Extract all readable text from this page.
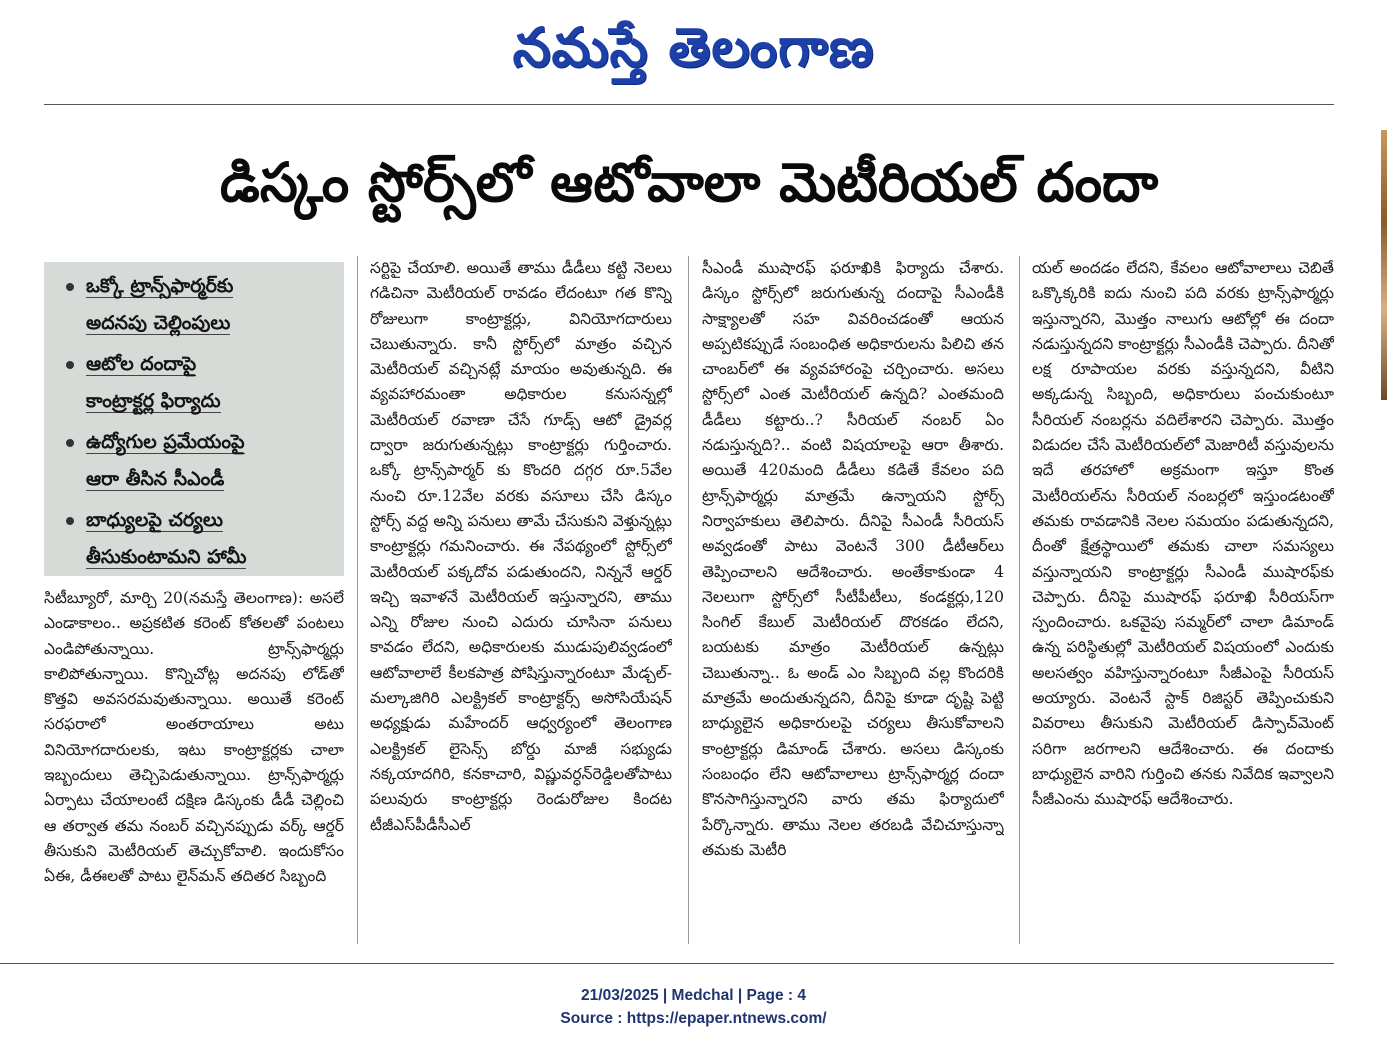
నమస్తే తెలంగాణ
డిస్కం స్టోర్స్‌లో ఆటోవాలా మెటీరియల్‌ దందా
ఒక్కో ట్రాన్స్‌ఫార్మర్‌కు
అదనపు చెల్లింపులు
ఆటోల దందాపై
కాంట్రాక్టర్ల ఫిర్యాదు
ఉద్యోగుల ప్రమేయంపై
ఆరా తీసిన సీఎండీ
బాధ్యులపై చర్యలు
తీసుకుంటామని హామీ

సిటీబ్యూరో, మార్చి 20(నమస్తే తెలంగాణ): అసలే ఎండాకాలం.. అప్రకటిత కరెంట్‌ కోతలతో పంటలు ఎండిపోతున్నాయి. ట్రాన్స్‌ఫార్మర్లు కాలిపోతున్నాయి. కొన్నిచోట్ల అదనపు లోడ్‌తో కొత్తవి అవసరమవుతున్నాయి. అయితే కరెంట్‌ సరఫరాలో అంతరాయాలు అటు వినియోగదారులకు, ఇటు కాంట్రాక్టర్లకు చాలా ఇబ్బందులు తెచ్చిపెడుతున్నాయి. ట్రాన్స్‌ఫార్మర్లు ఏర్పాటు చేయాలంటే దక్షిణ డిస్కంకు డీడీ చెల్లించి ఆ తర్వాత తమ నంబర్‌ వచ్చినప్పుడు వర్క్‌ ఆర్డర్‌ తీసుకుని మెటీరియల్‌ తెచ్చుకోవాలి. ఇందుకోసం ఏఈ, డీఈలతో పాటు లైన్‌మన్‌ తదితర సిబ్బంది

సర్టిపై చేయాలి. అయితే తాము డీడీలు కట్టి నెలలు గడిచినా మెటీరియల్‌ రావడం లేదంటూ గత కొన్ని రోజులుగా కాంట్రాక్టర్లు, వినియోగదారులు చెబుతున్నారు. కానీ స్టోర్స్‌లో మాత్రం వచ్చిన మెటీరియల్‌ వచ్చినట్లే మాయం అవుతున్నది. ఈ వ్యవహారమంతా అధికారుల కనుసన్నల్లో మెటీరియల్‌ రవాణా చేసే గూడ్స్‌ ఆటో డ్రైవర్ల ద్వారా జరుగుతున్నట్లు కాంట్రాక్టర్లు గుర్తించారు. ఒక్కో ట్రాన్స్‌పార్మర్‌ కు కొందరి దగ్గర రూ.5వేల నుంచి రూ.12వేల వరకు వసూలు చేసి డిస్కం స్టోర్స్‌ వద్ద అన్ని పనులు తామే చేసుకుని వెళ్తున్నట్లు కాంట్రాక్టర్లు గమనించారు. ఈ నేపథ్యంలో స్టోర్స్‌లో మెటీరియల్‌ పక్కదోవ పడుతుందని, నిన్ననే ఆర్డర్‌ ఇచ్చి ఇవాళనే మెటీరియల్‌ ఇస్తున్నారని, తాము ఎన్ని రోజుల నుంచి ఎదురు చూసినా పనులు కావడం లేదని, అధికారులకు ముడుపులివ్వడంలో ఆటోవాలాలే కీలకపాత్ర పోషిస్తున్నారంటూ మేడ్చల్‌- మల్కాజిగిరి ఎలక్ట్రికల్‌ కాంట్రాక్టర్స్‌ అసోసియేషన్‌ అధ్యక్షుడు మహేందర్‌ ఆధ్వర్యంలో తెలంగాణ ఎలక్ట్రికల్‌ లైసెన్స్‌ బోర్డు మాజీ సభ్యుడు నక్కయాదగిరి, కనకాచారి, విష్ణువర్ధన్‌రెడ్డిలతోపాటు పలువురు కాంట్రాక్టర్లు రెండురోజుల కిందట టీజీఎస్‌పీడీసీఎల్‌

సీఎండీ ముషారఫ్‌ ఫరూఖికి ఫిర్యాదు చేశారు. డిస్కం స్టోర్స్‌లో జరుగుతున్న దందాపై సీఎండీకి సాక్ష్యాలతో సహ వివరించడంతో ఆయన అప్పటికప్పుడే సంబంధిత అధికారులను పిలిచి తన చాంబర్‌లో ఈ వ్యవహారంపై చర్చించారు. అసలు స్టోర్స్‌లో ఎంత మెటీరియల్‌ ఉన్నది? ఎంతమంది డీడీలు కట్టారు..? సీరియల్‌ నంబర్‌ ఏం నడుస్తున్నది?.. వంటి విషయాలపై ఆరా తీశారు. అయితే 420మంది డీడీలు కడితే కేవలం పది ట్రాన్స్‌ఫార్మర్లు మాత్రమే ఉన్నాయని స్టోర్స్‌ నిర్వాహకులు తెలిపారు. దీనిపై సీఎండీ సీరియస్‌ అవ్వడంతో పాటు వెంటనే 300 డీటీఆర్‌లు తెప్పించాలని ఆదేశించారు. అంతేకాకుండా 4 నెలలుగా స్టోర్స్‌లో సీటీపీటీలు, కండక్టర్లు,120 సింగిల్‌ కేబుల్‌ మెటీరియల్‌ దొరకడం లేదని, బయటకు మాత్రం మెటీరియల్‌ ఉన్నట్లు చెబుతున్నా.. ఓ అండ్‌ ఎం సిబ్బంది వల్ల కొందరికి మాత్రమే అందుతున్నదని, దీనిపై కూడా దృష్టి పెట్టి బాధ్యులైన అధికారులపై చర్యలు తీసుకోవాలని కాంట్రాక్టర్లు డిమాండ్‌ చేశారు. అసలు డిస్కంకు సంబంధం లేని ఆటోవాలాలు ట్రాన్స్‌ఫార్మర్ల దందా కొనసాగిస్తున్నారని వారు తమ ఫిర్యాదులో పేర్కొన్నారు. తాము నెలల తరబడి వేచిచూస్తున్నా తమకు మెటీరి

యల్‌ అందడం లేదని, కేవలం ఆటోవాలాలు చెబితే ఒక్కొక్కరికి ఐదు నుంచి పది వరకు ట్రాన్స్‌ఫార్మర్లు ఇస్తున్నారని, మొత్తం నాలుగు ఆటోల్లో ఈ దందా నడుస్తున్నదని కాంట్రాక్టర్లు సీఎండీకి చెప్పారు. దీనితో లక్ష రూపాయల వరకు వస్తున్నదని, వీటిని అక్కడున్న సిబ్బంది, అధికారులు పంచుకుంటూ సీరియల్‌ నంబర్లను వదిలేశారని చెప్పారు. మొత్తం విడుదల చేసే మెటీరియల్‌లో మెజారిటీ వస్తువులను ఇదే తరహాలో అక్రమంగా ఇస్తూ కొంత మెటీరియల్‌ను సీరియల్‌ నంబర్లలో ఇస్తుండటంతో తమకు రావడానికి నెలల సమయం పడుతున్నదని, దీంతో క్షేత్రస్థాయిలో తమకు చాలా సమస్యలు వస్తున్నాయని కాంట్రాక్టర్లు సీఎండీ ముషారఫ్‌కు చెప్పారు. దీనిపై ముషారఫ్‌ ఫరూఖి సీరియస్‌గా స్పందించారు. ఒకవైపు సమ్మర్‌లో చాలా డిమాండ్‌ ఉన్న పరిస్థితుల్లో మెటీరియల్‌ విషయంలో ఎందుకు అలసత్వం వహిస్తున్నారంటూ సీజీఎంపై సీరియస్‌ అయ్యారు. వెంటనే స్టాక్‌ రిజిస్టర్‌ తెప్పించుకుని వివరాలు తీసుకుని మెటీరియల్‌ డిస్పాచ్‌మెంట్‌ సరిగా జరగాలని ఆదేశించారు. ఈ దందాకు బాధ్యులైన వారిని గుర్తించి తనకు నివేదిక ఇవ్వాలని సీజీఎంను ముషారఫ్‌ ఆదేశించారు.

21/03/2025 | Medchal | Page : 4
Source : https://epaper.ntnews.com/
